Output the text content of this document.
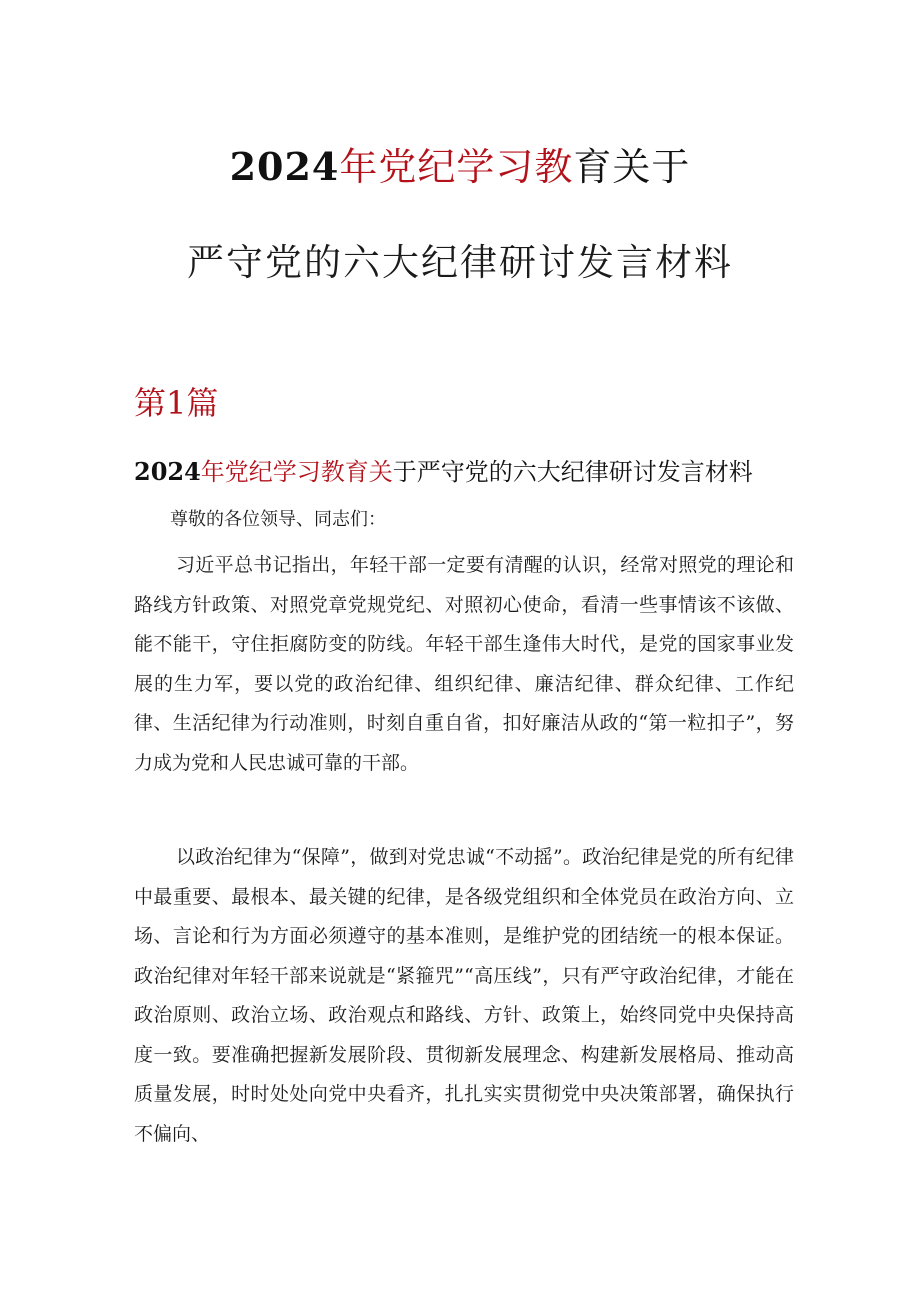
2024年党纪学习教育关于
严守党的六大纪律研讨发言材料
第1篇
2024年党纪学习教育关于严守党的六大纪律研讨发言材料
尊敬的各位领导、同志们：
习近平总书记指出，年轻干部一定要有清醒的认识，经常对照党的理论和路线方针政策、对照党章党规党纪、对照初心使命，看清一些事情该不该做、能不能干，守住拒腐防变的防线。年轻干部生逢伟大时代，是党的国家事业发展的生力军，要以党的政治纪律、组织纪律、廉洁纪律、群众纪律、工作纪律、生活纪律为行动准则，时刻自重自省，扣好廉洁从政的“第一粒扣子”，努力成为党和人民忠诚可靠的干部。
以政治纪律为“保障”，做到对党忠诚“不动摇”。政治纪律是党的所有纪律中最重要、最根本、最关键的纪律，是各级党组织和全体党员在政治方向、立场、言论和行为方面必须遵守的基本准则，是维护党的团结统一的根本保证。政治纪律对年轻干部来说就是“紧箍咒”“高压线”，只有严守政治纪律，才能在政治原则、政治立场、政治观点和路线、方针、政策上，始终同党中央保持高度一致。要准确把握新发展阶段、贯彻新发展理念、构建新发展格局、推动高质量发展，时时处处向党中央看齐，扎扎实实贯彻党中央决策部署，确保执行不偏向、
